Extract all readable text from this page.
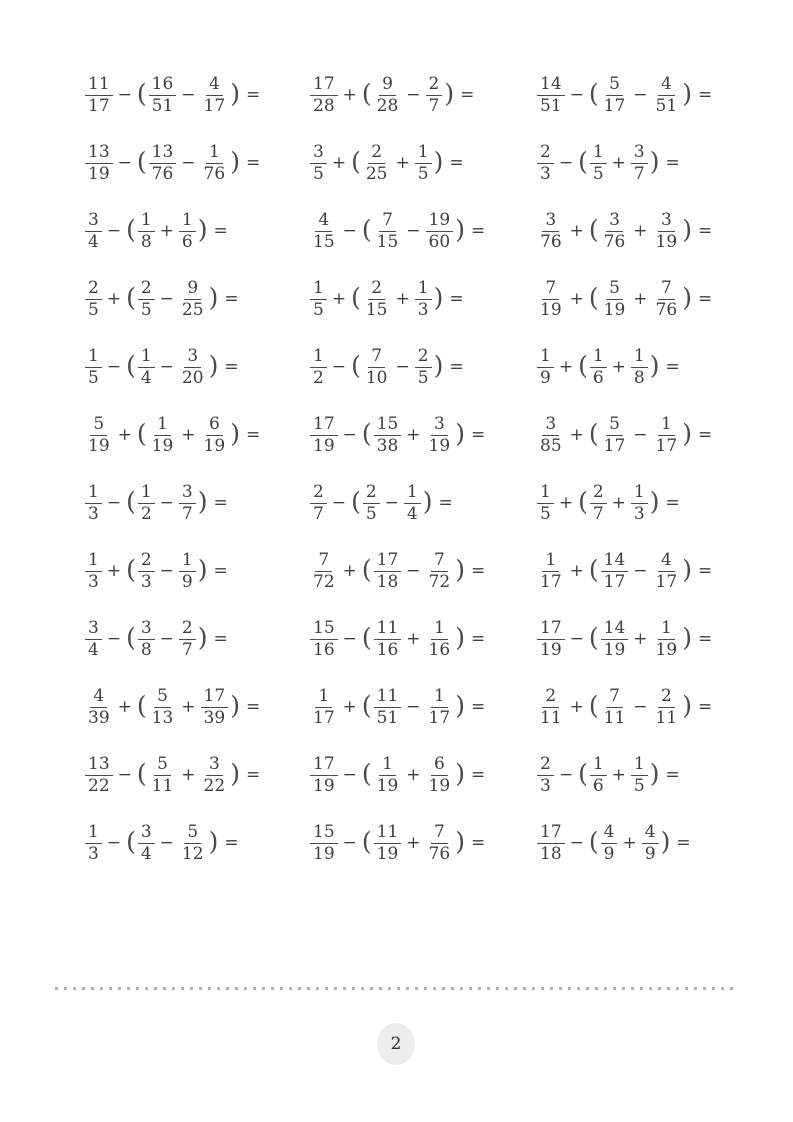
$\frac{11}{17}$ − ( $\frac{16}{51} - \frac{4}{17}$ ) =	$\frac{17}{28}$ + ( $\frac{9}{28} - \frac{2}{7}$ ) =	$\frac{14}{51}$ − ( $\frac{5}{17} - \frac{4}{51}$ ) =
$\frac{13}{19}$ − ( $\frac{13}{76} - \frac{1}{76}$ ) =	$\frac{3}{5}$ + ( $\frac{2}{25} + \frac{1}{5}$ ) =	$\frac{2}{3}$ − ( $\frac{1}{5} + \frac{3}{7}$ ) =
$\frac{3}{4}$ − ( $\frac{1}{8} + \frac{1}{6}$ ) =	$\frac{4}{15}$ − ( $\frac{7}{15} - \frac{19}{60}$ ) =	$\frac{3}{76}$ + ( $\frac{3}{76} + \frac{3}{19}$ ) =
$\frac{2}{5}$ + ( $\frac{2}{5} - \frac{9}{25}$ ) =	$\frac{1}{5}$ + ( $\frac{2}{15} + \frac{1}{3}$ ) =	$\frac{7}{19}$ + ( $\frac{5}{19} + \frac{7}{76}$ ) =
$\frac{1}{5}$ − ( $\frac{1}{4} - \frac{3}{20}$ ) =	$\frac{1}{2}$ − ( $\frac{7}{10} - \frac{2}{5}$ ) =	$\frac{1}{9}$ + ( $\frac{1}{6} + \frac{1}{8}$ ) =
$\frac{5}{19}$ + ( $\frac{1}{19} + \frac{6}{19}$ ) =	$\frac{17}{19}$ − ( $\frac{15}{38} + \frac{3}{19}$ ) =	$\frac{3}{85}$ + ( $\frac{5}{17} - \frac{1}{17}$ ) =
$\frac{1}{3}$ − ( $\frac{1}{2} - \frac{3}{7}$ ) =	$\frac{2}{7}$ − ( $\frac{2}{5} - \frac{1}{4}$ ) =	$\frac{1}{5}$ + ( $\frac{2}{7} + \frac{1}{3}$ ) =
$\frac{1}{3}$ + ( $\frac{2}{3} - \frac{1}{9}$ ) =	$\frac{7}{72}$ + ( $\frac{17}{18} - \frac{7}{72}$ ) =	$\frac{1}{17}$ + ( $\frac{14}{17} - \frac{4}{17}$ ) =
$\frac{3}{4}$ − ( $\frac{3}{8} - \frac{2}{7}$ ) =	$\frac{15}{16}$ − ( $\frac{11}{16} + \frac{1}{16}$ ) =	$\frac{17}{19}$ − ( $\frac{14}{19} + \frac{1}{19}$ ) =
$\frac{4}{39}$ + ( $\frac{5}{13} + \frac{17}{39}$ ) =	$\frac{1}{17}$ + ( $\frac{11}{51} - \frac{1}{17}$ ) =	$\frac{2}{11}$ + ( $\frac{7}{11} - \frac{2}{11}$ ) =
$\frac{13}{22}$ − ( $\frac{5}{11} + \frac{3}{22}$ ) =	$\frac{17}{19}$ − ( $\frac{1}{19} + \frac{6}{19}$ ) =	$\frac{2}{3}$ − ( $\frac{1}{6} + \frac{1}{5}$ ) =
$\frac{1}{3}$ − ( $\frac{3}{4} - \frac{5}{12}$ ) =	$\frac{15}{19}$ − ( $\frac{11}{19} + \frac{7}{76}$ ) =	$\frac{17}{18}$ − ( $\frac{4}{9} + \frac{4}{9}$ ) =
2
